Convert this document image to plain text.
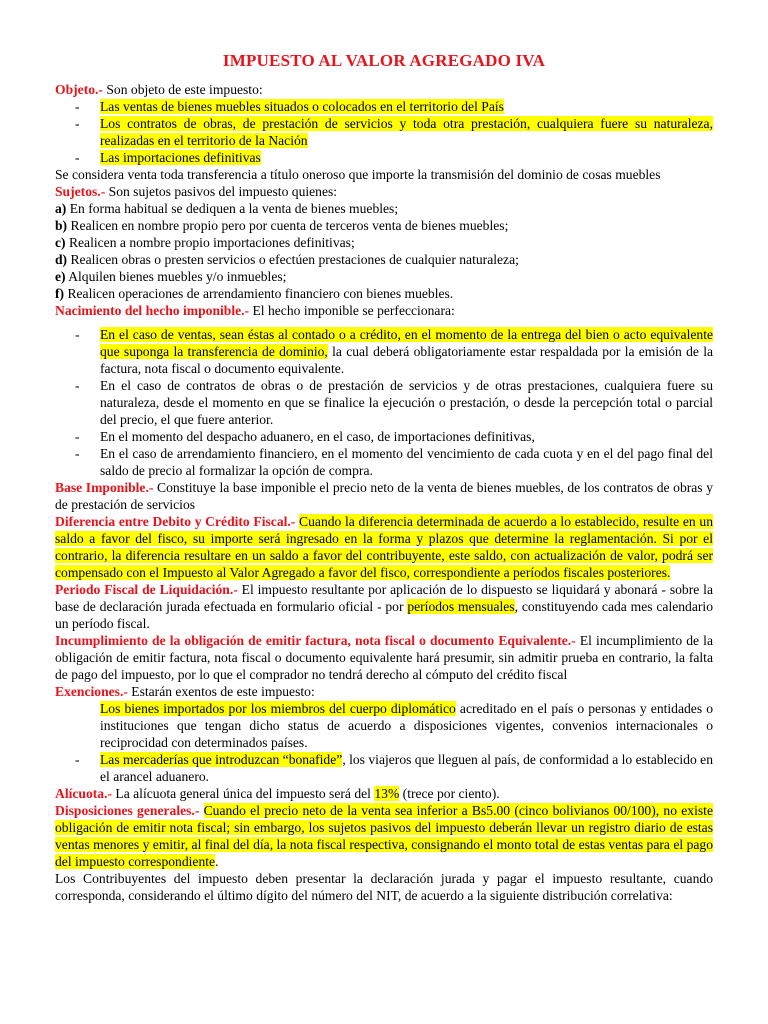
IMPUESTO AL VALOR AGREGADO IVA

Objeto.- Son objeto de este impuesto:

- Las ventas de bienes muebles situados o colocados en el territorio del País
- Los contratos de obras, de prestación de servicios y toda otra prestación, cualquiera fuere su naturaleza, realizadas en el territorio de la Nación
- Las importaciones definitivas

Se considera venta toda transferencia a título oneroso que importe la transmisión del dominio de cosas muebles

Sujetos.- Son sujetos pasivos del impuesto quienes:

a) En forma habitual se dediquen a la venta de bienes muebles;

b) Realicen en nombre propio pero por cuenta de terceros venta de bienes muebles;

c) Realicen a nombre propio importaciones definitivas;

d) Realicen obras o presten servicios o efectúen prestaciones de cualquier naturaleza;

e) Alquilen bienes muebles y/o inmuebles;

f) Realicen operaciones de arrendamiento financiero con bienes muebles.

Nacimiento del hecho imponible.- El hecho imponible se perfeccionara:

- En el caso de ventas, sean éstas al contado o a crédito, en el momento de la entrega del bien o acto equivalente que suponga la transferencia de dominio, la cual deberá obligatoriamente estar respaldada por la emisión de la factura, nota fiscal o documento equivalente.
- En el caso de contratos de obras o de prestación de servicios y de otras prestaciones, cualquiera fuere su naturaleza, desde el momento en que se finalice la ejecución o prestación, o desde la percepción total o parcial del precio, el que fuere anterior.
- En el momento del despacho aduanero, en el caso, de importaciones definitivas,
- En el caso de arrendamiento financiero, en el momento del vencimiento de cada cuota y en el del pago final del saldo de precio al formalizar la opción de compra.

Base Imponible.- Constituye la base imponible el precio neto de la venta de bienes muebles, de los contratos de obras y de prestación de servicios

Diferencia entre Debito y Crédito Fiscal.- Cuando la diferencia determinada de acuerdo a lo establecido, resulte en un saldo a favor del fisco, su importe será ingresado en la forma y plazos que determine la reglamentación. Si por el contrario, la diferencia resultare en un saldo a favor del contribuyente, este saldo, con actualización de valor, podrá ser compensado con el Impuesto al Valor Agregado a favor del fisco, correspondiente a períodos fiscales posteriores.

Periodo Fiscal de Liquidación.- El impuesto resultante por aplicación de lo dispuesto se liquidará y abonará - sobre la base de declaración jurada efectuada en formulario oficial - por períodos mensuales, constituyendo cada mes calendario un período fiscal.

Incumplimiento de la obligación de emitir factura, nota fiscal o documento Equivalente.- El incumplimiento de la obligación de emitir factura, nota fiscal o documento equivalente hará presumir, sin admitir prueba en contrario, la falta de pago del impuesto, por lo que el comprador no tendrá derecho al cómputo del crédito fiscal

Exenciones.- Estarán exentos de este impuesto:

Los bienes importados por los miembros del cuerpo diplomático acreditado en el país o personas y entidades o instituciones que tengan dicho status de acuerdo a disposiciones vigentes, convenios internacionales o reciprocidad con determinados países.
- Las mercaderías que introduzcan “bonafide”, los viajeros que lleguen al país, de conformidad a lo establecido en el arancel aduanero.

Alícuota.- La alícuota general única del impuesto será del 13% (trece por ciento).

Disposiciones generales.- Cuando el precio neto de la venta sea inferior a Bs5.00 (cinco bolivianos 00/100), no existe obligación de emitir nota fiscal; sin embargo, los sujetos pasivos del impuesto deberán llevar un registro diario de estas ventas menores y emitir, al final del día, la nota fiscal respectiva, consignando el monto total de estas ventas para el pago del impuesto correspondiente.

Los Contribuyentes del impuesto deben presentar la declaración jurada y pagar el impuesto resultante, cuando corresponda, considerando el último dígito del número del NIT, de acuerdo a la siguiente distribución correlativa:
